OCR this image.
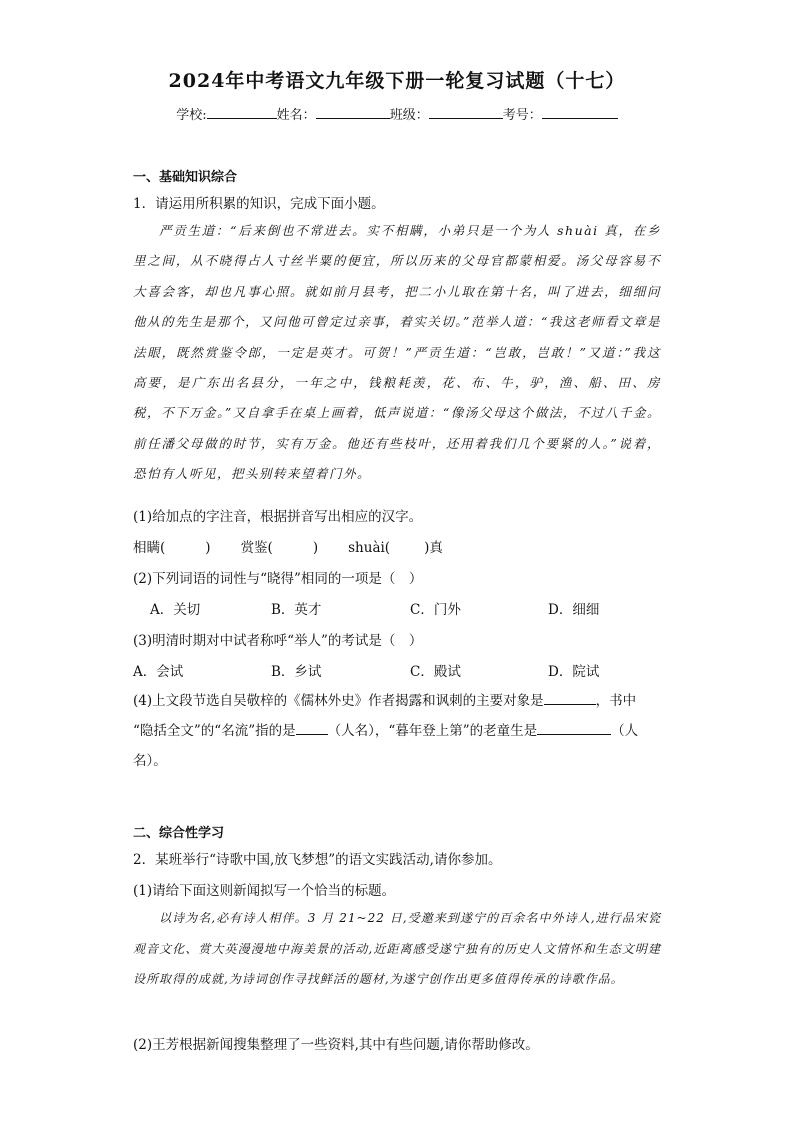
2024年中考语文九年级下册一轮复习试题（十七）
学校:	姓名：	班级：	考号：
一、基础知识综合
1．请运用所积累的知识，完成下面小题。
严贡生道：“后来倒也不常进去。实不相瞒，小弟只是一个为人 shuài 真，在乡里之间，从不晓得占人寸丝半粟的便宜，所以历来的父母官都蒙相爱。汤父母容易不大喜会客，却也凡事心照。就如前月县考，把二小儿取在第十名，叫了进去，细细问他从的先生是那个，又问他可曾定过亲事，着实关切。”范举人道：“我这老师看文章是法眼，既然赏鉴令郎，一定是英才。可贺！”严贡生道：“岂敢，岂敢！”又道：”我这高要，是广东出名县分，一年之中，钱粮耗羡，花、布、牛，驴，渔、船、田、房税，不下万金。”又自拿手在桌上画着，低声说道：“像汤父母这个做法，不过八千金。前任潘父母做的时节，实有万金。他还有些枝叶，还用着我们几个要紧的人。”说着，恐怕有人听见，把头别转来望着门外。
(1)给加点的字注音，根据拼音写出相应的汉字。
相瞒(	) 赏鉴(	) shuài(	)真
(2)下列词语的词性与“晓得”相同的一项是（　）
A．关切	B．英才	C．门外	D．细细
(3)明清时期对中试者称呼“举人”的考试是（　）
A．会试	B．乡试	C．殿试	D．院试
(4)上文段节选自吴敬梓的《儒林外史》作者揭露和讽刺的主要对象是	，书中
“隐括全文”的“名流”指的是 （人名），“暮年登上第”的老童生是	（人
名）。
二、综合性学习
2．某班举行“诗歌中国,放飞梦想”的语文实践活动,请你参加。
(1)请给下面这则新闻拟写一个恰当的标题。
以诗为名,必有诗人相伴。3 月 21~22 日,受邀来到遂宁的百余名中外诗人,进行品宋瓷观音文化、赏大英漫漫地中海美景的活动,近距离感受遂宁独有的历史人文情怀和生态文明建设所取得的成就,为诗词创作寻找鲜活的题材,为遂宁创作出更多值得传承的诗歌作品。
(2)王芳根据新闻搜集整理了一些资料,其中有些问题,请你帮助修改。
